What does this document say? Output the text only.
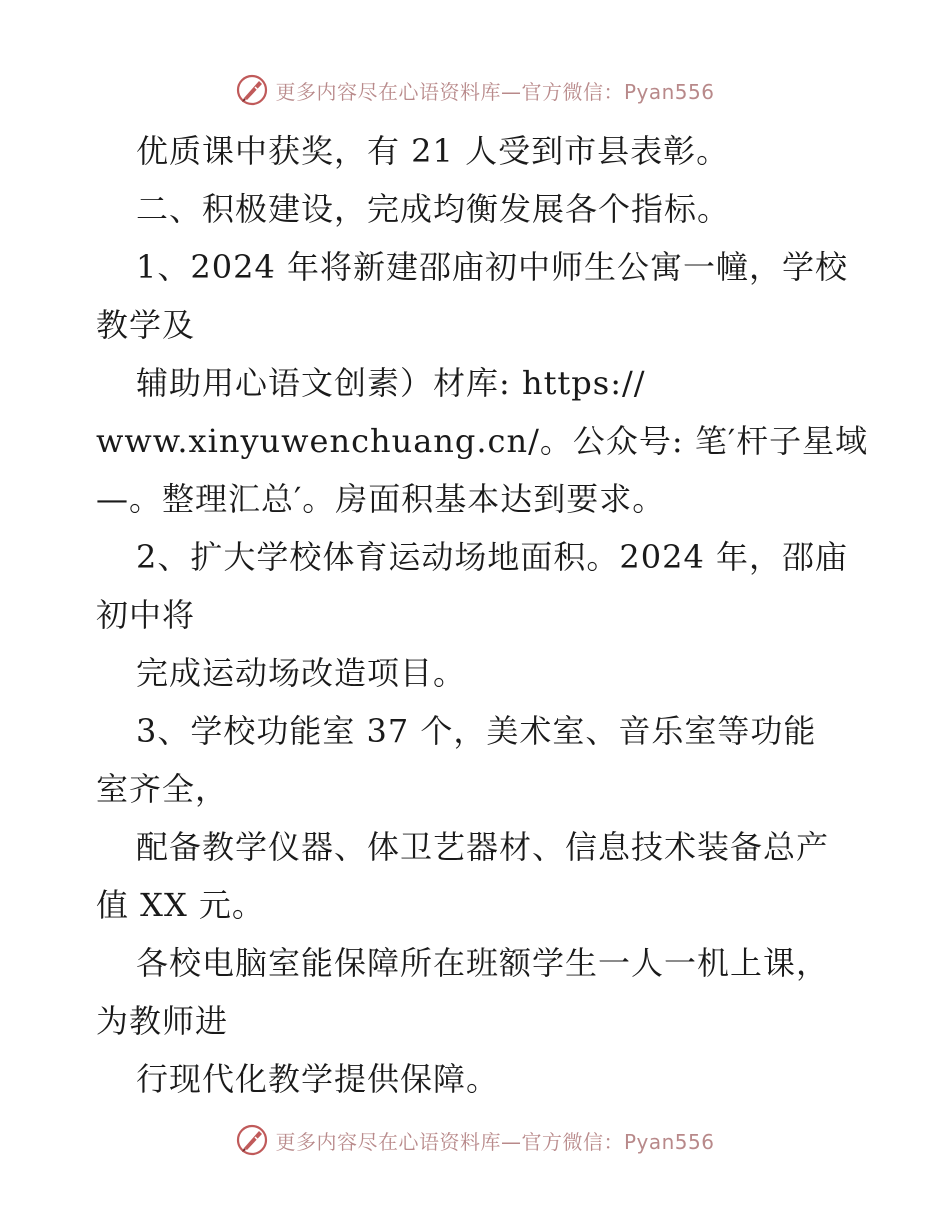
更多内容尽在心语资料库—官方微信：Pyan556
优质课中获奖，有 21 人受到市县表彰。
二、积极建设，完成均衡发展各个指标。
1、2024 年将新建邵庙初中师生公寓一幢，学校
教学及
辅助用心语文创素）材库: https://
www.xinyuwenchuang.cn/。公众号: 笔′杆子星域
—。整理汇总′。房面积基本达到要求。
2、扩大学校体育运动场地面积。2024 年，邵庙
初中将
完成运动场改造项目。
3、学校功能室 37 个，美术室、音乐室等功能
室齐全，
配备教学仪器、体卫艺器材、信息技术装备总产
值 XX 元。
各校电脑室能保障所在班额学生一人一机上课，
为教师进
行现代化教学提供保障。
更多内容尽在心语资料库—官方微信：Pyan556
